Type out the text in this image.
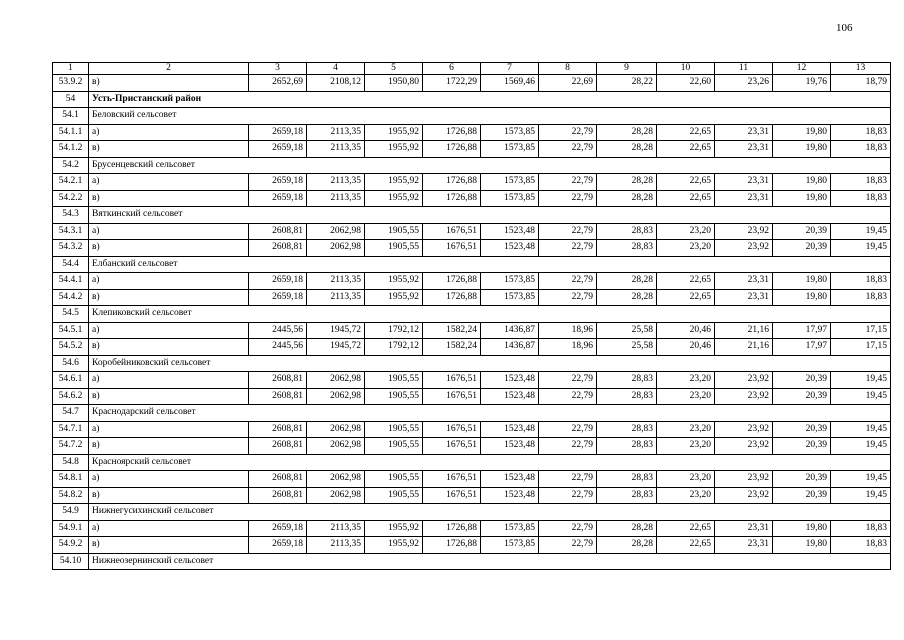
106
1	2	3	4	5	6	7	8	9	10	11	12	13
53.9.2	в)	2652,69	2108,12	1950,80	1722,29	1569,46	22,69	28,22	22,60	23,26	19,76	18,79
54	Усть-Пристанский район											
54.1	Беловский сельсовет											
54.1.1	а)	2659,18	2113,35	1955,92	1726,88	1573,85	22,79	28,28	22,65	23,31	19,80	18,83
54.1.2	в)	2659,18	2113,35	1955,92	1726,88	1573,85	22,79	28,28	22,65	23,31	19,80	18,83
54.2	Брусенцевский сельсовет											
54.2.1	а)	2659,18	2113,35	1955,92	1726,88	1573,85	22,79	28,28	22,65	23,31	19,80	18,83
54.2.2	в)	2659,18	2113,35	1955,92	1726,88	1573,85	22,79	28,28	22,65	23,31	19,80	18,83
54.3	Вяткинский сельсовет											
54.3.1	а)	2608,81	2062,98	1905,55	1676,51	1523,48	22,79	28,83	23,20	23,92	20,39	19,45
54.3.2	в)	2608,81	2062,98	1905,55	1676,51	1523,48	22,79	28,83	23,20	23,92	20,39	19,45
54.4	Елбанский сельсовет											
54.4.1	а)	2659,18	2113,35	1955,92	1726,88	1573,85	22,79	28,28	22,65	23,31	19,80	18,83
54.4.2	в)	2659,18	2113,35	1955,92	1726,88	1573,85	22,79	28,28	22,65	23,31	19,80	18,83
54.5	Клепиковский сельсовет											
54.5.1	а)	2445,56	1945,72	1792,12	1582,24	1436,87	18,96	25,58	20,46	21,16	17,97	17,15
54.5.2	в)	2445,56	1945,72	1792,12	1582,24	1436,87	18,96	25,58	20,46	21,16	17,97	17,15
54.6	Коробейниковский сельсовет											
54.6.1	а)	2608,81	2062,98	1905,55	1676,51	1523,48	22,79	28,83	23,20	23,92	20,39	19,45
54.6.2	в)	2608,81	2062,98	1905,55	1676,51	1523,48	22,79	28,83	23,20	23,92	20,39	19,45
54.7	Краснодарский сельсовет											
54.7.1	а)	2608,81	2062,98	1905,55	1676,51	1523,48	22,79	28,83	23,20	23,92	20,39	19,45
54.7.2	в)	2608,81	2062,98	1905,55	1676,51	1523,48	22,79	28,83	23,20	23,92	20,39	19,45
54.8	Красноярский сельсовет											
54.8.1	а)	2608,81	2062,98	1905,55	1676,51	1523,48	22,79	28,83	23,20	23,92	20,39	19,45
54.8.2	в)	2608,81	2062,98	1905,55	1676,51	1523,48	22,79	28,83	23,20	23,92	20,39	19,45
54.9	Нижнегусихинский сельсовет											
54.9.1	а)	2659,18	2113,35	1955,92	1726,88	1573,85	22,79	28,28	22,65	23,31	19,80	18,83
54.9.2	в)	2659,18	2113,35	1955,92	1726,88	1573,85	22,79	28,28	22,65	23,31	19,80	18,83
54.10	Нижнеозернинский сельсовет											
